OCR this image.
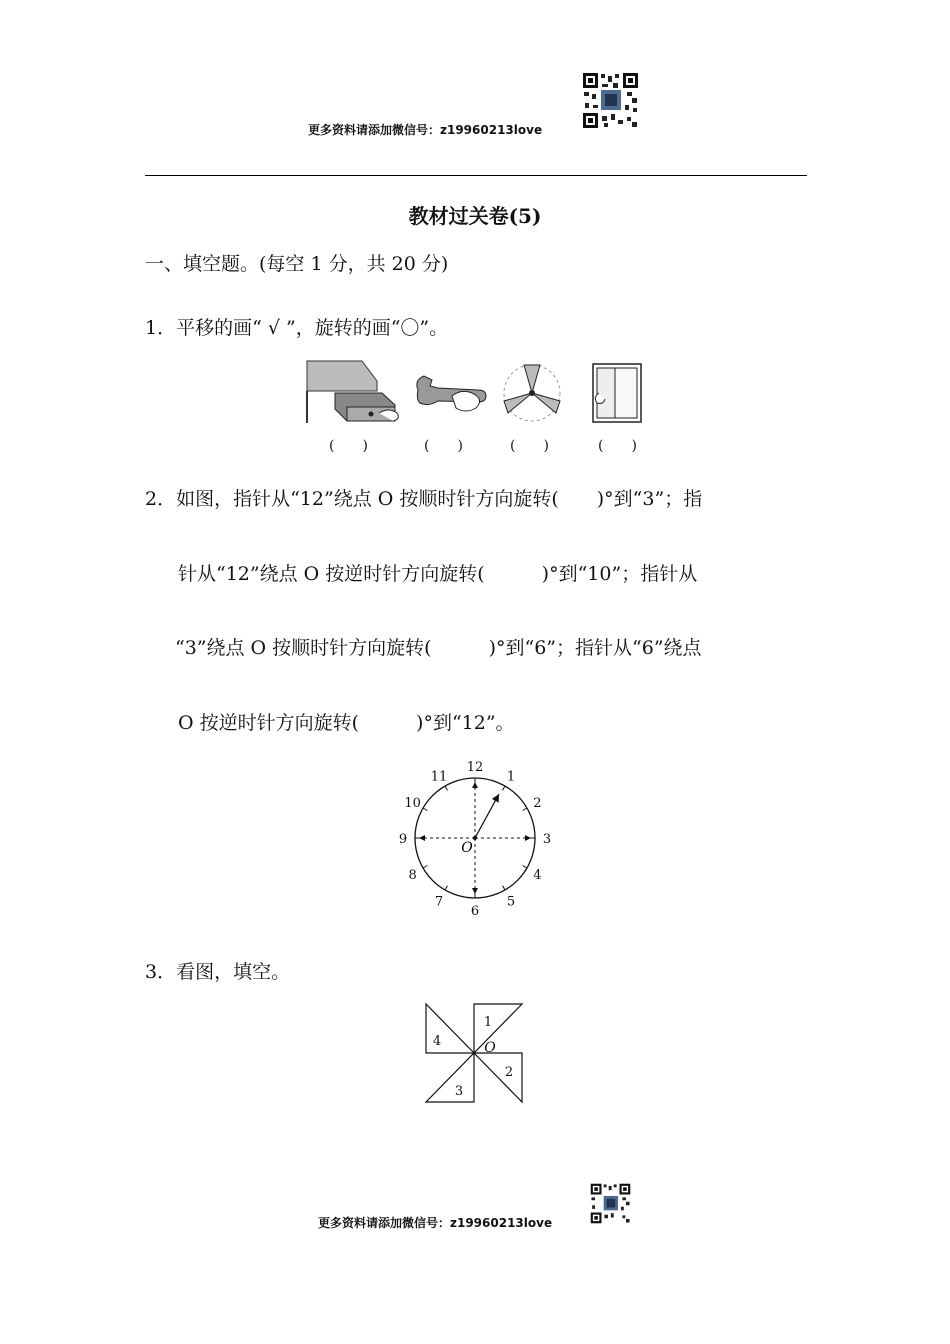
更多资料请添加微信号：z19960213love
教材过关卷(5)
一、填空题。(每空 1 分，共 20 分)
1．平移的画“ √ ”，旋转的画“〇”。
(　　)	(　　)	(　　)	(　　)
2．如图，指针从“12”绕点 O 按顺时针方向旋转(　　)°到“3”；指
针从“12”绕点 O 按逆时针方向旋转(　　　)°到“10”；指针从
“3”绕点 O 按顺时针方向旋转(　　　)°到“6”；指针从“6”绕点
O 按逆时针方向旋转(　　　)°到“12”。
12
1
2
3
4
5
6
7
8
9
10
11
O
3．看图，填空。
1
2
3
4	O
更多资料请添加微信号：z19960213love
